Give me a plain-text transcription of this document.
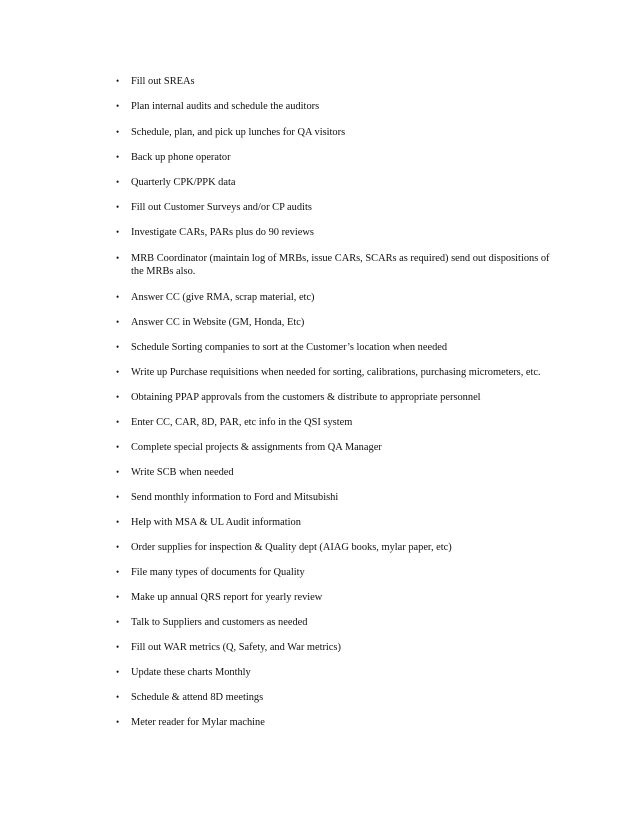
• Fill out SREAs
• Plan internal audits and schedule the auditors
• Schedule, plan, and pick up lunches for QA visitors
• Back up phone operator
• Quarterly CPK/PPK data
• Fill out Customer Surveys and/or CP audits
• Investigate CARs, PARs plus do 90 reviews
• MRB Coordinator (maintain log of MRBs, issue CARs, SCARs as required) send out dispositions of the MRBs also.
• Answer CC (give RMA, scrap material, etc)
• Answer CC in Website (GM, Honda, Etc)
• Schedule Sorting companies to sort at the Customer’s location when needed
• Write up Purchase requisitions when needed for sorting, calibrations, purchasing micrometers, etc.
• Obtaining PPAP approvals from the customers & distribute to appropriate personnel
• Enter CC, CAR, 8D, PAR, etc info in the QSI system
• Complete special projects & assignments from QA Manager
• Write SCB when needed
• Send monthly information to Ford and Mitsubishi
• Help with MSA & UL Audit information
• Order supplies for inspection & Quality dept (AIAG books, mylar paper, etc)
• File many types of documents for Quality
• Make up annual QRS report for yearly review
• Talk to Suppliers and customers as needed
• Fill out WAR metrics (Q, Safety, and War metrics)
• Update these charts Monthly
• Schedule & attend 8D meetings
• Meter reader for Mylar machine
